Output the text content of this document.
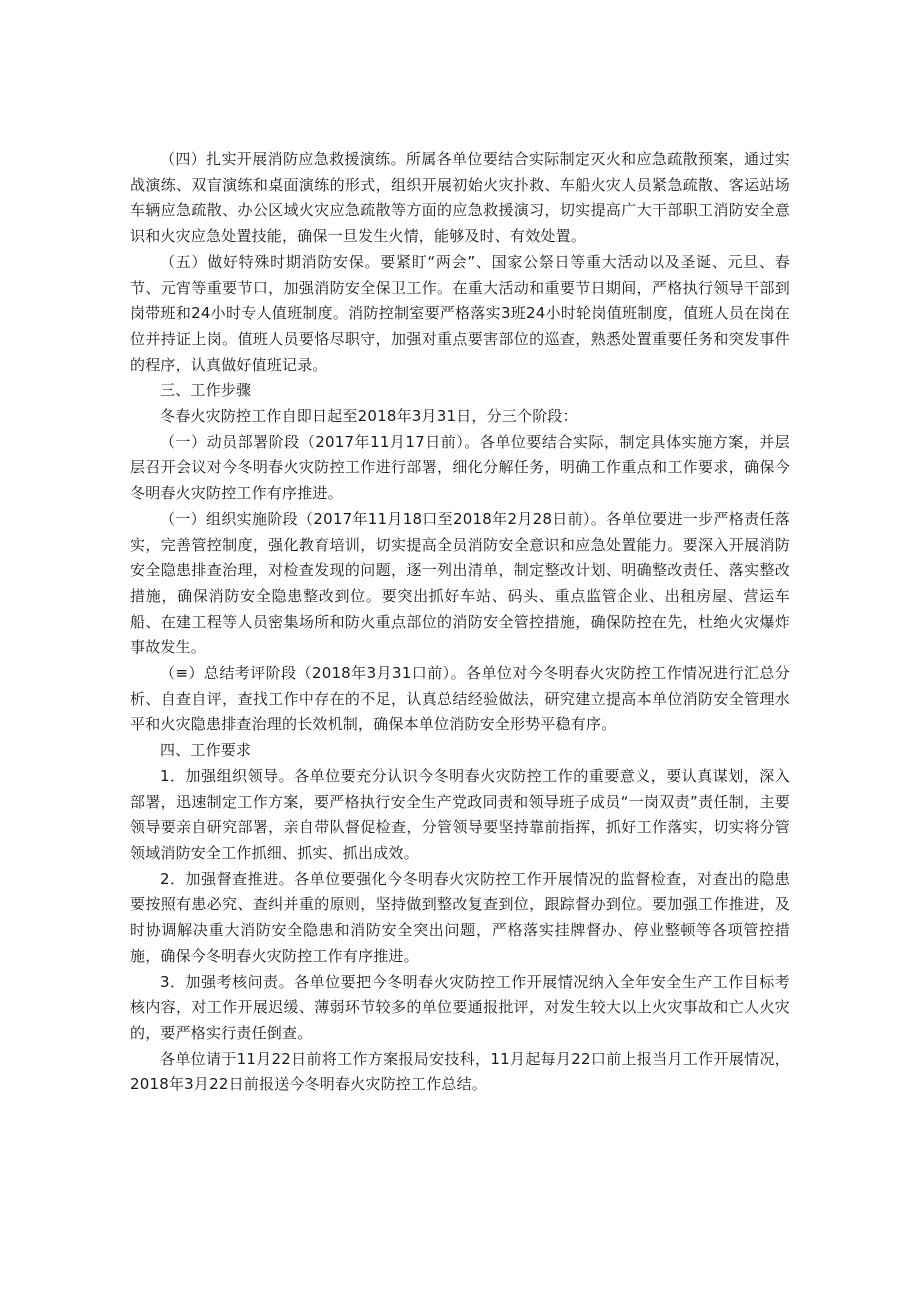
（四）扎实开展消防应急救援演练。所属各单位要结合实际制定灭火和应急疏散预案，通过实战演练、双盲演练和桌面演练的形式，组织开展初始火灾扑救、车船火灾人员紧急疏散、客运站场车辆应急疏散、办公区域火灾应急疏散等方面的应急救援演习，切实提高广大干部职工消防安全意识和火灾应急处置技能，确保一旦发生火情，能够及时、有效处置。

（五）做好特殊时期消防安保。要紧盯“两会”、国家公祭日等重大活动以及圣诞、元旦、春节、元宵等重要节口，加强消防安全保卫工作。在重大活动和重要节日期间，严格执行领导干部到岗带班和24小时专人值班制度。消防控制室要严格落实3班24小时轮岗值班制度，值班人员在岗在位并持证上岗。值班人员要恪尽职守，加强对重点要害部位的巡查，熟悉处置重要任务和突发事件的程序，认真做好值班记录。

三、工作步骤

冬春火灾防控工作自即日起至2018年3月31日，分三个阶段：

（一）动员部署阶段（2017年11月17日前）。各单位要结合实际，制定具体实施方案，并层层召开会议对今冬明春火灾防控工作进行部署，细化分解任务，明确工作重点和工作要求，确保今冬明春火灾防控工作有序推进。

（一）组织实施阶段（2017年11月18口至2018年2月28日前）。各单位要进一步严格责任落实，完善管控制度，强化教育培训，切实提高全员消防安全意识和应急处置能力。要深入开展消防安全隐患排查治理，对检查发现的问题，逐一列出清单，制定整改计划、明确整改责任、落实整改措施，确保消防安全隐患整改到位。要突出抓好车站、码头、重点监管企业、出租房屋、营运车船、在建工程等人员密集场所和防火重点部位的消防安全管控措施，确保防控在先，杜绝火灾爆炸事故发生。

（≡）总结考评阶段（2018年3月31口前）。各单位对今冬明春火灾防控工作情况进行汇总分析、自查自评，查找工作中存在的不足，认真总结经验做法，研究建立提高本单位消防安全管理水平和火灾隐患排查治理的长效机制，确保本单位消防安全形势平稳有序。

四、工作要求

1．加强组织领导。各单位要充分认识今冬明春火灾防控工作的重要意义，要认真谋划，深入部署，迅速制定工作方案，要严格执行安全生产党政同责和领导班子成员“一岗双责”责任制，主要领导要亲自研究部署，亲自带队督促检查，分管领导要坚持靠前指挥，抓好工作落实，切实将分管领域消防安全工作抓细、抓实、抓出成效。

2．加强督查推进。各单位要强化今冬明春火灾防控工作开展情况的监督检查，对查出的隐患要按照有患必究、查纠并重的原则，坚持做到整改复查到位，跟踪督办到位。要加强工作推进，及时协调解决重大消防安全隐患和消防安全突出问题，严格落实挂牌督办、停业整顿等各项管控措施，确保今冬明春火灾防控工作有序推进。

3．加强考核问责。各单位要把今冬明春火灾防控工作开展情况纳入全年安全生产工作目标考核内容，对工作开展迟缓、薄弱环节较多的单位要通报批评，对发生较大以上火灾事故和亡人火灾的，要严格实行责任倒查。

各单位请于11月22日前将工作方案报局安技科，11月起每月22口前上报当月工作开展情况，2018年3月22日前报送今冬明春火灾防控工作总结。
